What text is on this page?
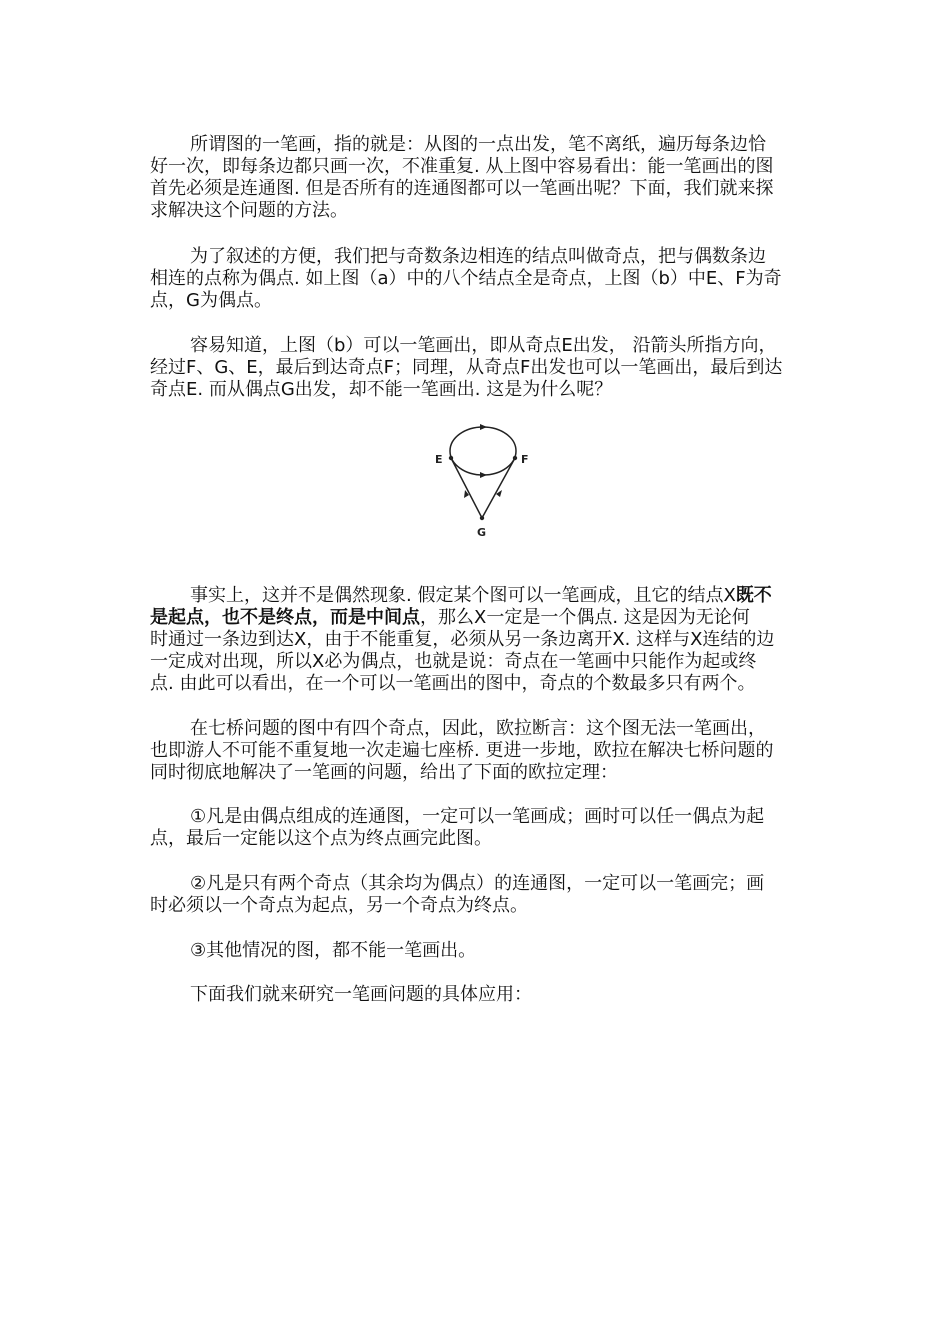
所谓图的一笔画，指的就是：从图的一点出发，笔不离纸，遍历每条边恰
好一次，即每条边都只画一次，不准重复. 从上图中容易看出：能一笔画出的图
首先必须是连通图. 但是否所有的连通图都可以一笔画出呢？下面，我们就来探
求解决这个问题的方法。

为了叙述的方便，我们把与奇数条边相连的结点叫做奇点，把与偶数条边
相连的点称为偶点. 如上图（a）中的八个结点全是奇点，上图（b）中E、F为奇
点，G为偶点。

容易知道，上图（b）可以一笔画出，即从奇点E出发， 沿箭头所指方向，
经过F、G、E，最后到达奇点F；同理，从奇点F出发也可以一笔画出，最后到达
奇点E. 而从偶点G出发，却不能一笔画出. 这是为什么呢？

E	F
G

事实上，这并不是偶然现象. 假定某个图可以一笔画成，且它的结点X既不
是起点，也不是终点，而是中间点，那么X一定是一个偶点. 这是因为无论何
时通过一条边到达X，由于不能重复，必须从另一条边离开X. 这样与X连结的边
一定成对出现，所以X必为偶点，也就是说：奇点在一笔画中只能作为起或终
点. 由此可以看出，在一个可以一笔画出的图中，奇点的个数最多只有两个。

在七桥问题的图中有四个奇点，因此，欧拉断言：这个图无法一笔画出，
也即游人不可能不重复地一次走遍七座桥. 更进一步地，欧拉在解决七桥问题的
同时彻底地解决了一笔画的问题，给出了下面的欧拉定理：

①凡是由偶点组成的连通图，一定可以一笔画成；画时可以任一偶点为起
点，最后一定能以这个点为终点画完此图。

②凡是只有两个奇点（其余均为偶点）的连通图，一定可以一笔画完；画
时必须以一个奇点为起点，另一个奇点为终点。

③其他情况的图，都不能一笔画出。

下面我们就来研究一笔画问题的具体应用：
